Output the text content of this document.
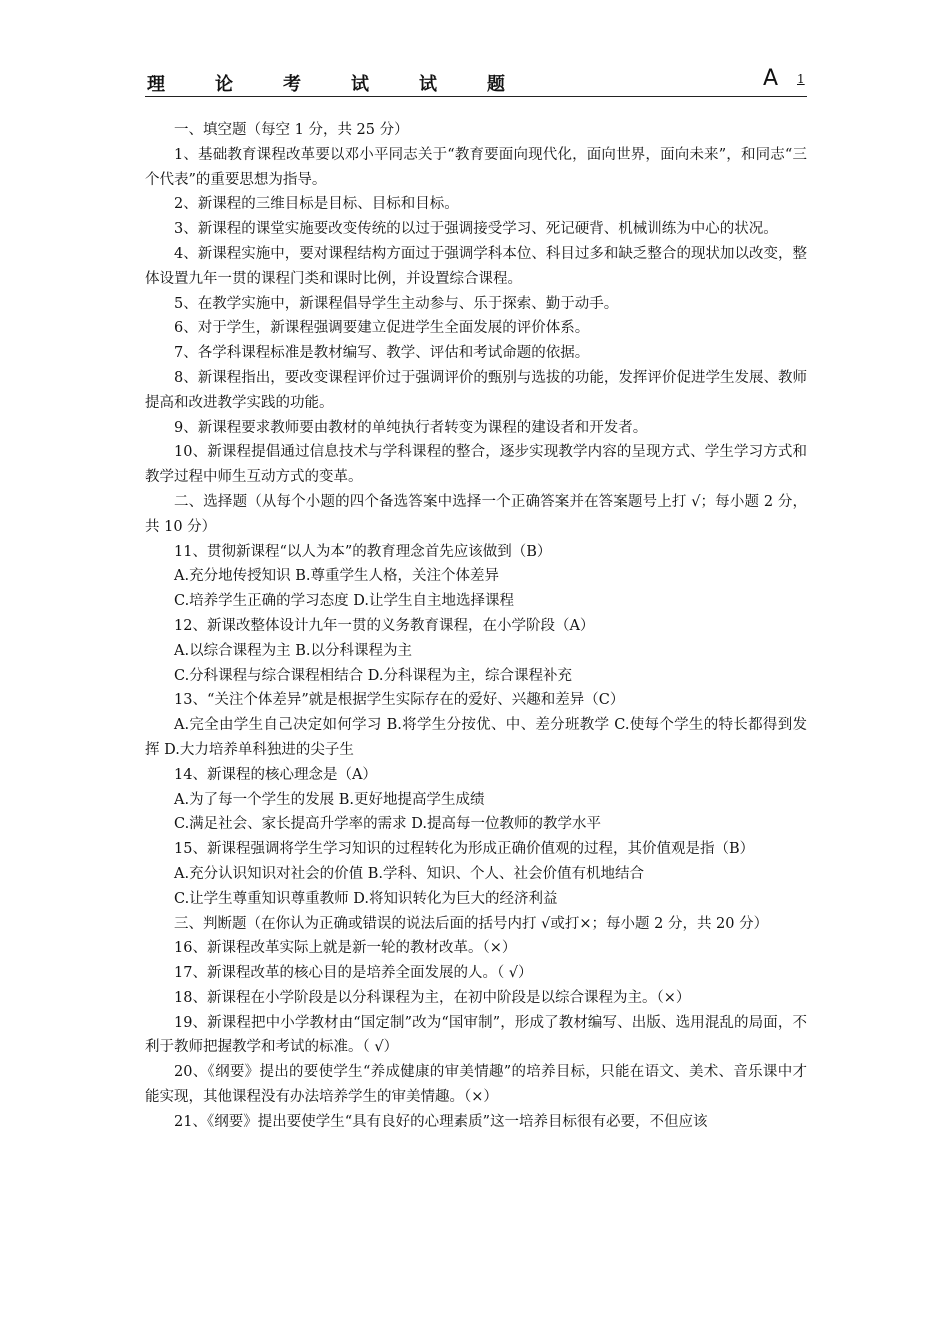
理论考试试题	A 1

一、填空题（每空 1 分，共 25 分）

1、基础教育课程改革要以邓小平同志关于“教育要面向现代化，面向世界，面向未来”，和同志“三个代表”的重要思想为指导。

2、新课程的三维目标是目标、目标和目标。

3、新课程的课堂实施要改变传统的以过于强调接受学习、死记硬背、机械训练为中心的状况。

4、新课程实施中，要对课程结构方面过于强调学科本位、科目过多和缺乏整合的现状加以改变，整体设置九年一贯的课程门类和课时比例，并设置综合课程。

5、在教学实施中，新课程倡导学生主动参与、乐于探索、勤于动手。

6、对于学生，新课程强调要建立促进学生全面发展的评价体系。

7、各学科课程标准是教材编写、教学、评估和考试命题的依据。

8、新课程指出，要改变课程评价过于强调评价的甄别与选拔的功能，发挥评价促进学生发展、教师提高和改进教学实践的功能。

9、新课程要求教师要由教材的单纯执行者转变为课程的建设者和开发者。

10、新课程提倡通过信息技术与学科课程的整合，逐步实现教学内容的呈现方式、学生学习方式和教学过程中师生互动方式的变革。

二、选择题（从每个小题的四个备选答案中选择一个正确答案并在答案题号上打 √；每小题 2 分，共 10 分）

11、贯彻新课程“以人为本”的教育理念首先应该做到（B）

A.充分地传授知识 B.尊重学生人格，关注个体差异

C.培养学生正确的学习态度 D.让学生自主地选择课程

12、新课改整体设计九年一贯的义务教育课程，在小学阶段（A）

A.以综合课程为主 B.以分科课程为主

C.分科课程与综合课程相结合 D.分科课程为主，综合课程补充

13、“关注个体差异”就是根据学生实际存在的爱好、兴趣和差异（C）

A.完全由学生自己决定如何学习 B.将学生分按优、中、差分班教学 C.使每个学生的特长都得到发挥 D.大力培养单科独进的尖子生

14、新课程的核心理念是（A）

A.为了每一个学生的发展 B.更好地提高学生成绩

C.满足社会、家长提高升学率的需求 D.提高每一位教师的教学水平

15、新课程强调将学生学习知识的过程转化为形成正确价值观的过程，其价值观是指（B）

A.充分认识知识对社会的价值 B.学科、知识、个人、社会价值有机地结合

C.让学生尊重知识尊重教师 D.将知识转化为巨大的经济利益

三、判断题（在你认为正确或错误的说法后面的括号内打 √或打×；每小题 2 分，共 20 分）

16、新课程改革实际上就是新一轮的教材改革。（×）

17、新课程改革的核心目的是培养全面发展的人。（ √）

18、新课程在小学阶段是以分科课程为主，在初中阶段是以综合课程为主。（×）

19、新课程把中小学教材由“国定制”改为“国审制”，形成了教材编写、出版、选用混乱的局面，不利于教师把握教学和考试的标准。（ √）

20、《纲要》提出的要使学生“养成健康的审美情趣”的培养目标，只能在语文、美术、音乐课中才能实现，其他课程没有办法培养学生的审美情趣。（×）

21、《纲要》提出要使学生“具有良好的心理素质”这一培养目标很有必要，不但应该
